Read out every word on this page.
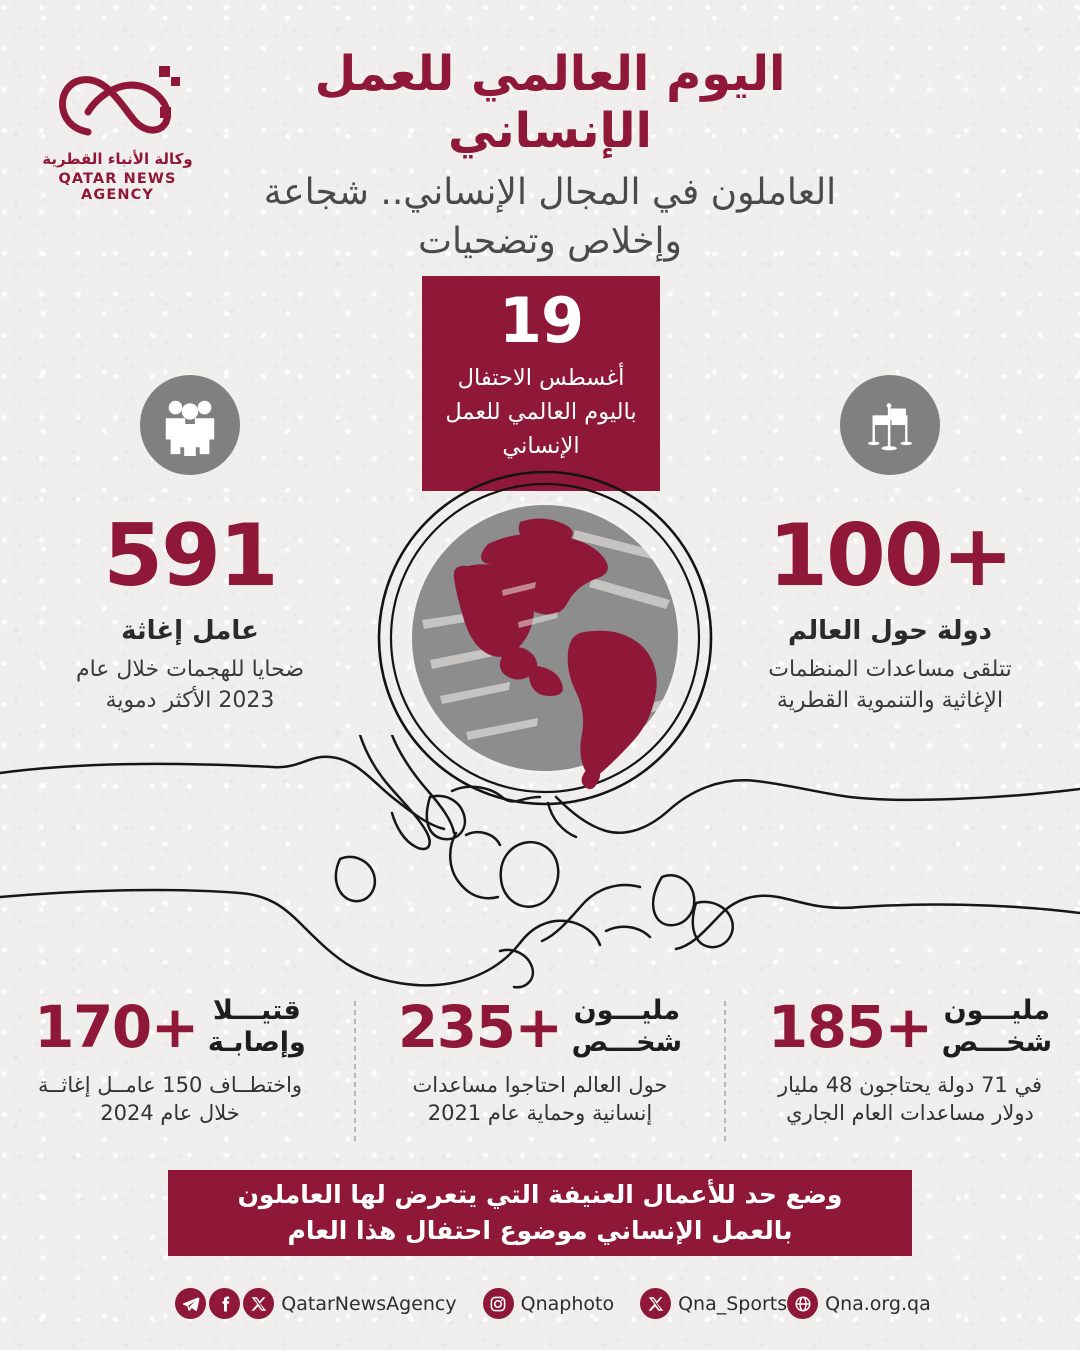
اليوم العالمي للعمل الإنساني
العاملون في المجال الإنساني.. شجاعة
وإخلاص وتضحيات
وكالة الأنباء القطرية
QATAR NEWS AGENCY
19
أغسطس الاحتفال
باليوم العالمي للعمل
الإنساني
591
عامل إغاثة
ضحايا للهجمات خلال عام
2023 الأكثر دموية
100+
دولة حول العالم
تتلقى مساعدات المنظمات
الإغاثية والتنموية القطرية
170+ قتيـــلا
وإصابـة
واختطــاف 150 عامــل إغاثــة
خلال عام 2024
235+ مليـــون
شخـــص
حول العالم احتاجوا مساعدات
إنسانية وحماية عام 2021
185+ مليـــون
شخـــص
في 71 دولة يحتاجون 48 مليار
دولار مساعدات العام الجاري
وضع حد للأعمال العنيفة التي يتعرض لها العاملون
بالعمل الإنساني موضوع احتفال هذا العام
QatarNewsAgency	Qnaphoto	Qna_Sports Qna.org.qa
